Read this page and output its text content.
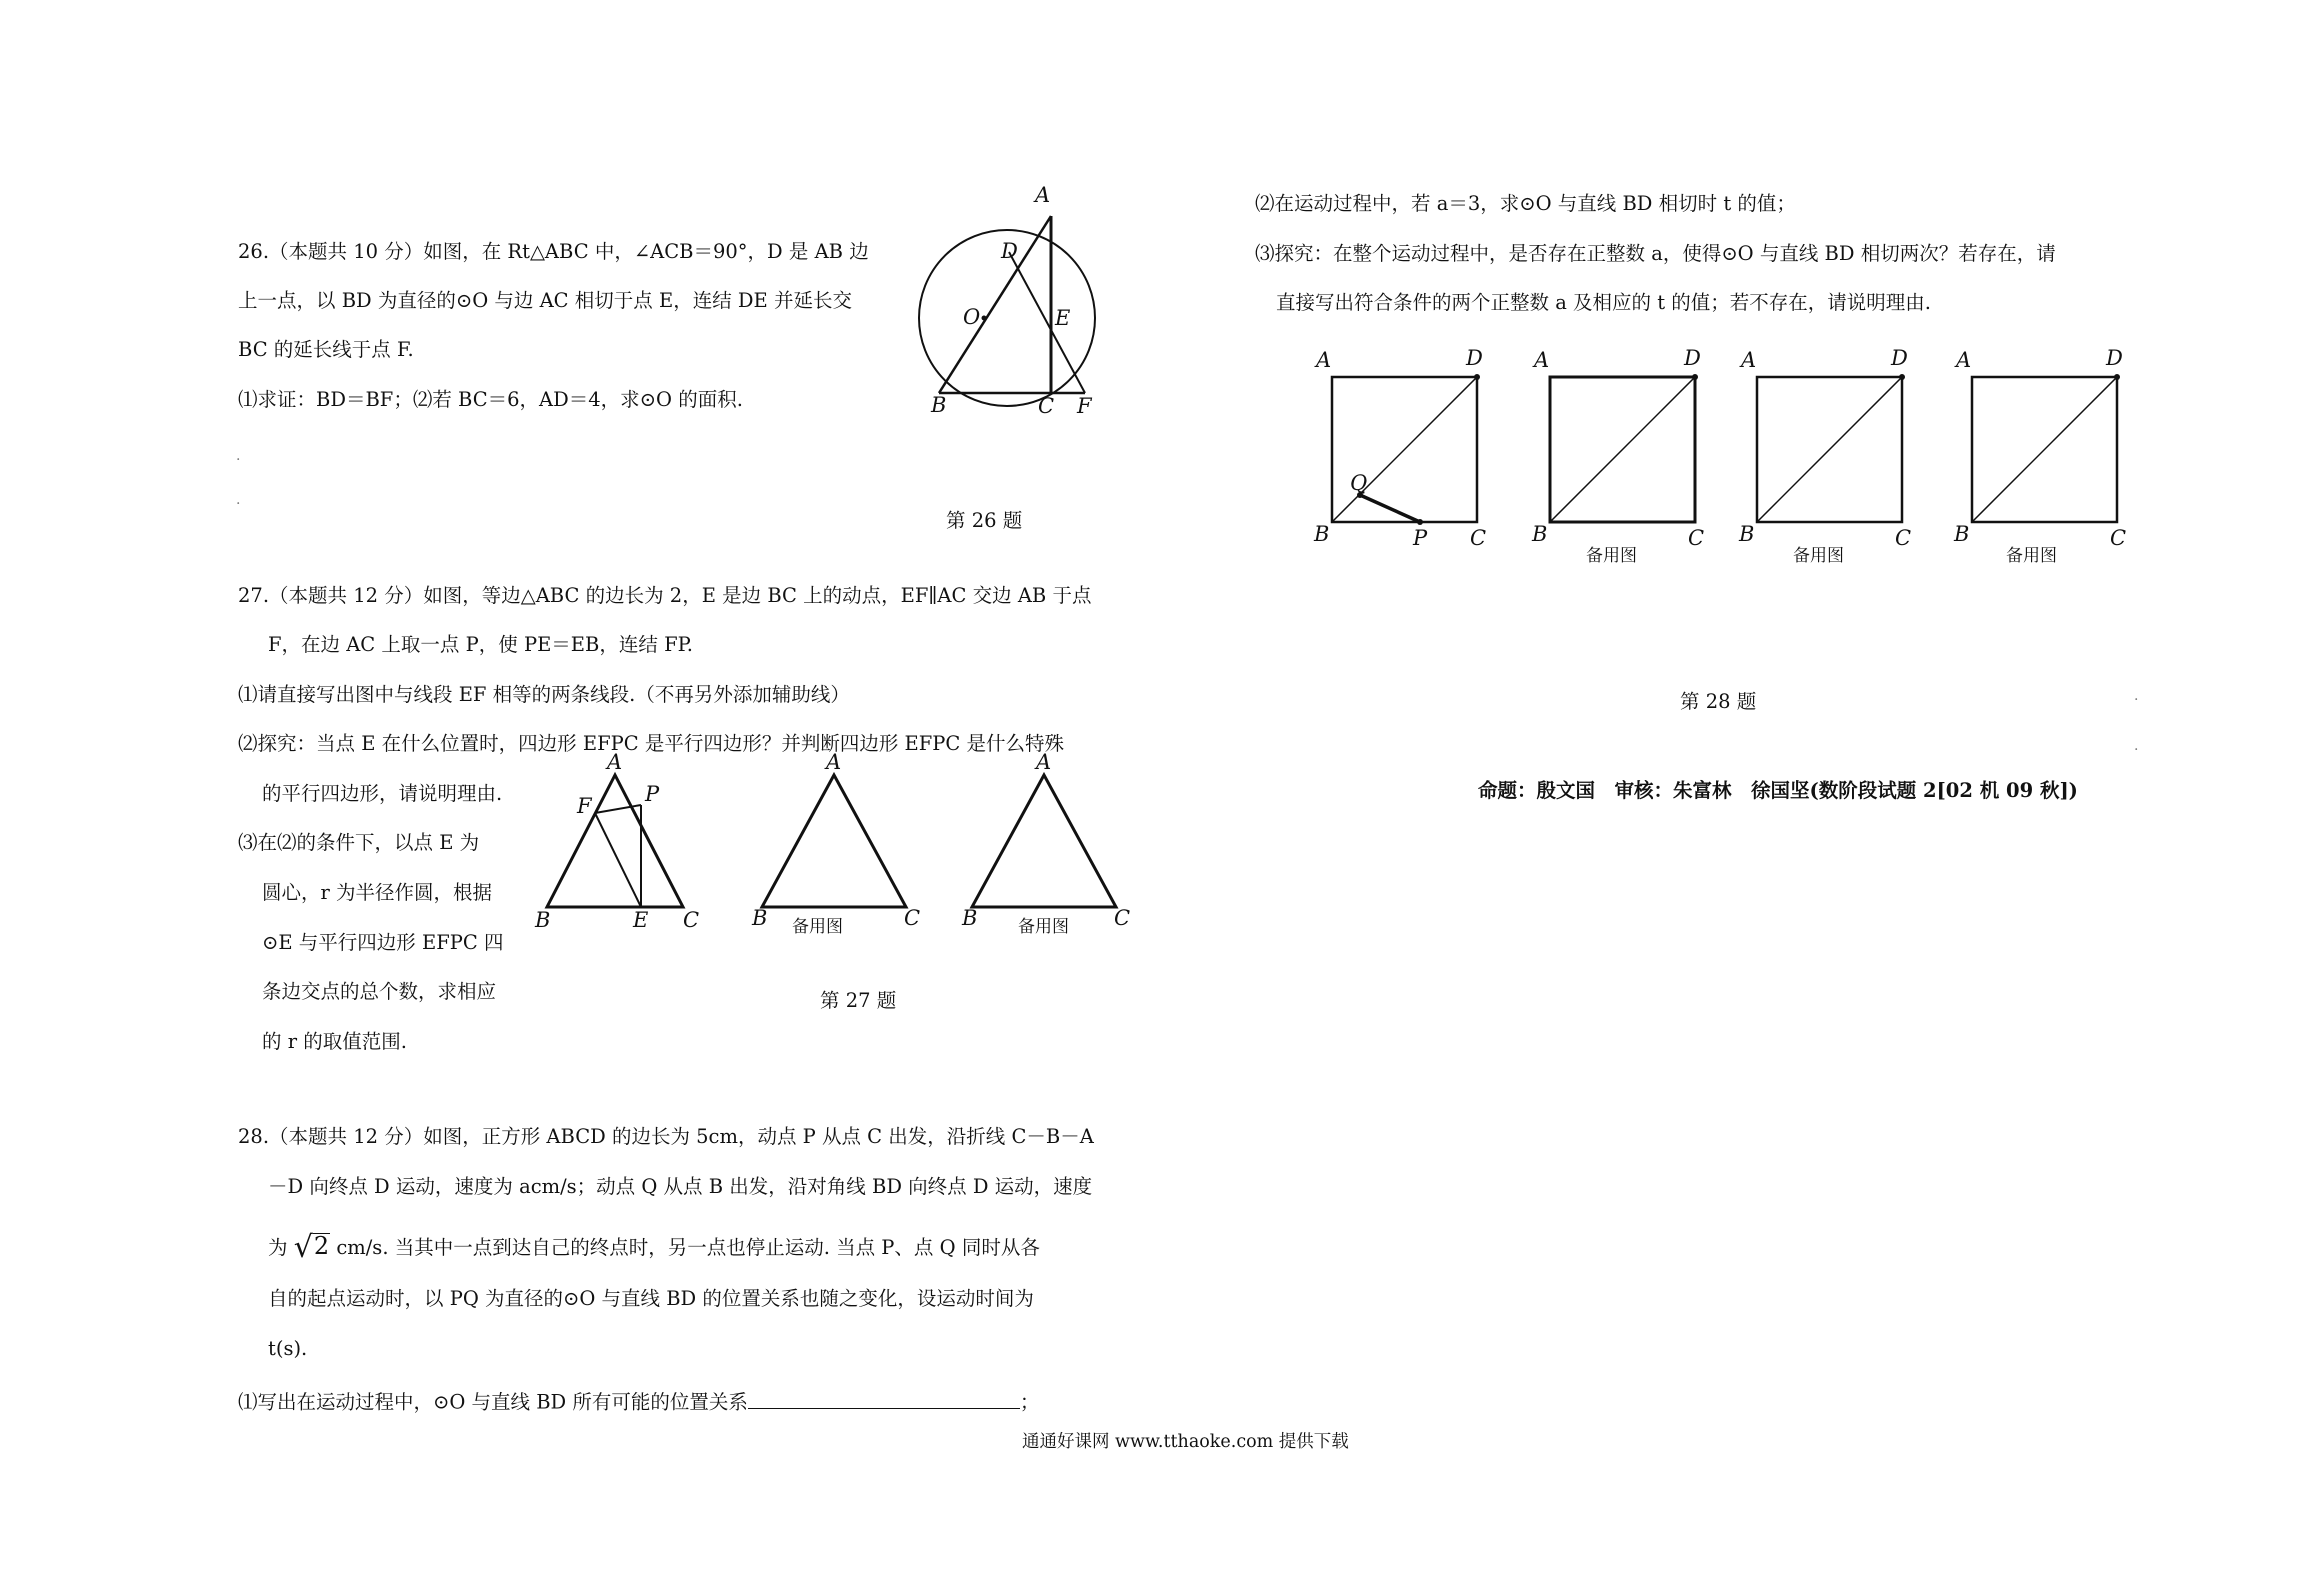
26.（本题共 10 分）如图，在 Rt△ABC 中，∠ACB＝90°，D 是 AB 边
上一点，以 BD 为直径的⊙O 与边 AC 相切于点 E，连结 DE 并延长交
BC 的延长线于点 F.
⑴求证：BD＝BF；⑵若 BC＝6，AD＝4，求⊙O 的面积.
.
.
A
D
O	E
B	C F
第 26 题
27.（本题共 12 分）如图，等边△ABC 的边长为 2，E 是边 BC 上的动点，EF∥AC 交边 AB 于点
F，在边 AC 上取一点 P，使 PE＝EB，连结 FP.
⑴请直接写出图中与线段 EF 相等的两条线段.（不再另外添加辅助线）
⑵探究：当点 E 在什么位置时，四边形 EFPC 是平行四边形？并判断四边形 EFPC 是什么特殊
的平行四边形，请说明理由.
⑶在⑵的条件下，以点 E 为
圆心，r 为半径作圆，根据
⊙E 与平行四边形 EFPC 四
条边交点的总个数，求相应
的 r 的取值范围.
A
F	P
B	E C
A
B	C
备用图
A
B	C
备用图
第 27 题
28.（本题共 12 分）如图，正方形 ABCD 的边长为 5cm，动点 P 从点 C 出发，沿折线 C－B－A
－D 向终点 D 运动，速度为 acm/s；动点 Q 从点 B 出发，沿对角线 BD 向终点 D 运动，速度
为 √2 cm/s. 当其中一点到达自己的终点时，另一点也停止运动. 当点 P、点 Q 同时从各
自的起点运动时，以 PQ 为直径的⊙O 与直线 BD 的位置关系也随之变化，设运动时间为
t(s).
⑴写出在运动过程中，⊙O 与直线 BD 所有可能的位置关系	；
⑵在运动过程中，若 a＝3，求⊙O 与直线 BD 相切时 t 的值；
⑶探究：在整个运动过程中，是否存在正整数 a，使得⊙O 与直线 BD 相切两次？若存在，请
直接写出符合条件的两个正整数 a 及相应的 t 的值；若不存在，请说明理由.
A	D
Q
B	P C
A	D
B	C
备用图
A	D
B	C
备用图
A	D
B	C
备用图
第 28 题	.
.
命题：殷文国　审核：朱富林　徐国坚(数阶段试题 2[02 机 09 秋])
通通好课网 www.tthaoke.com 提供下载
